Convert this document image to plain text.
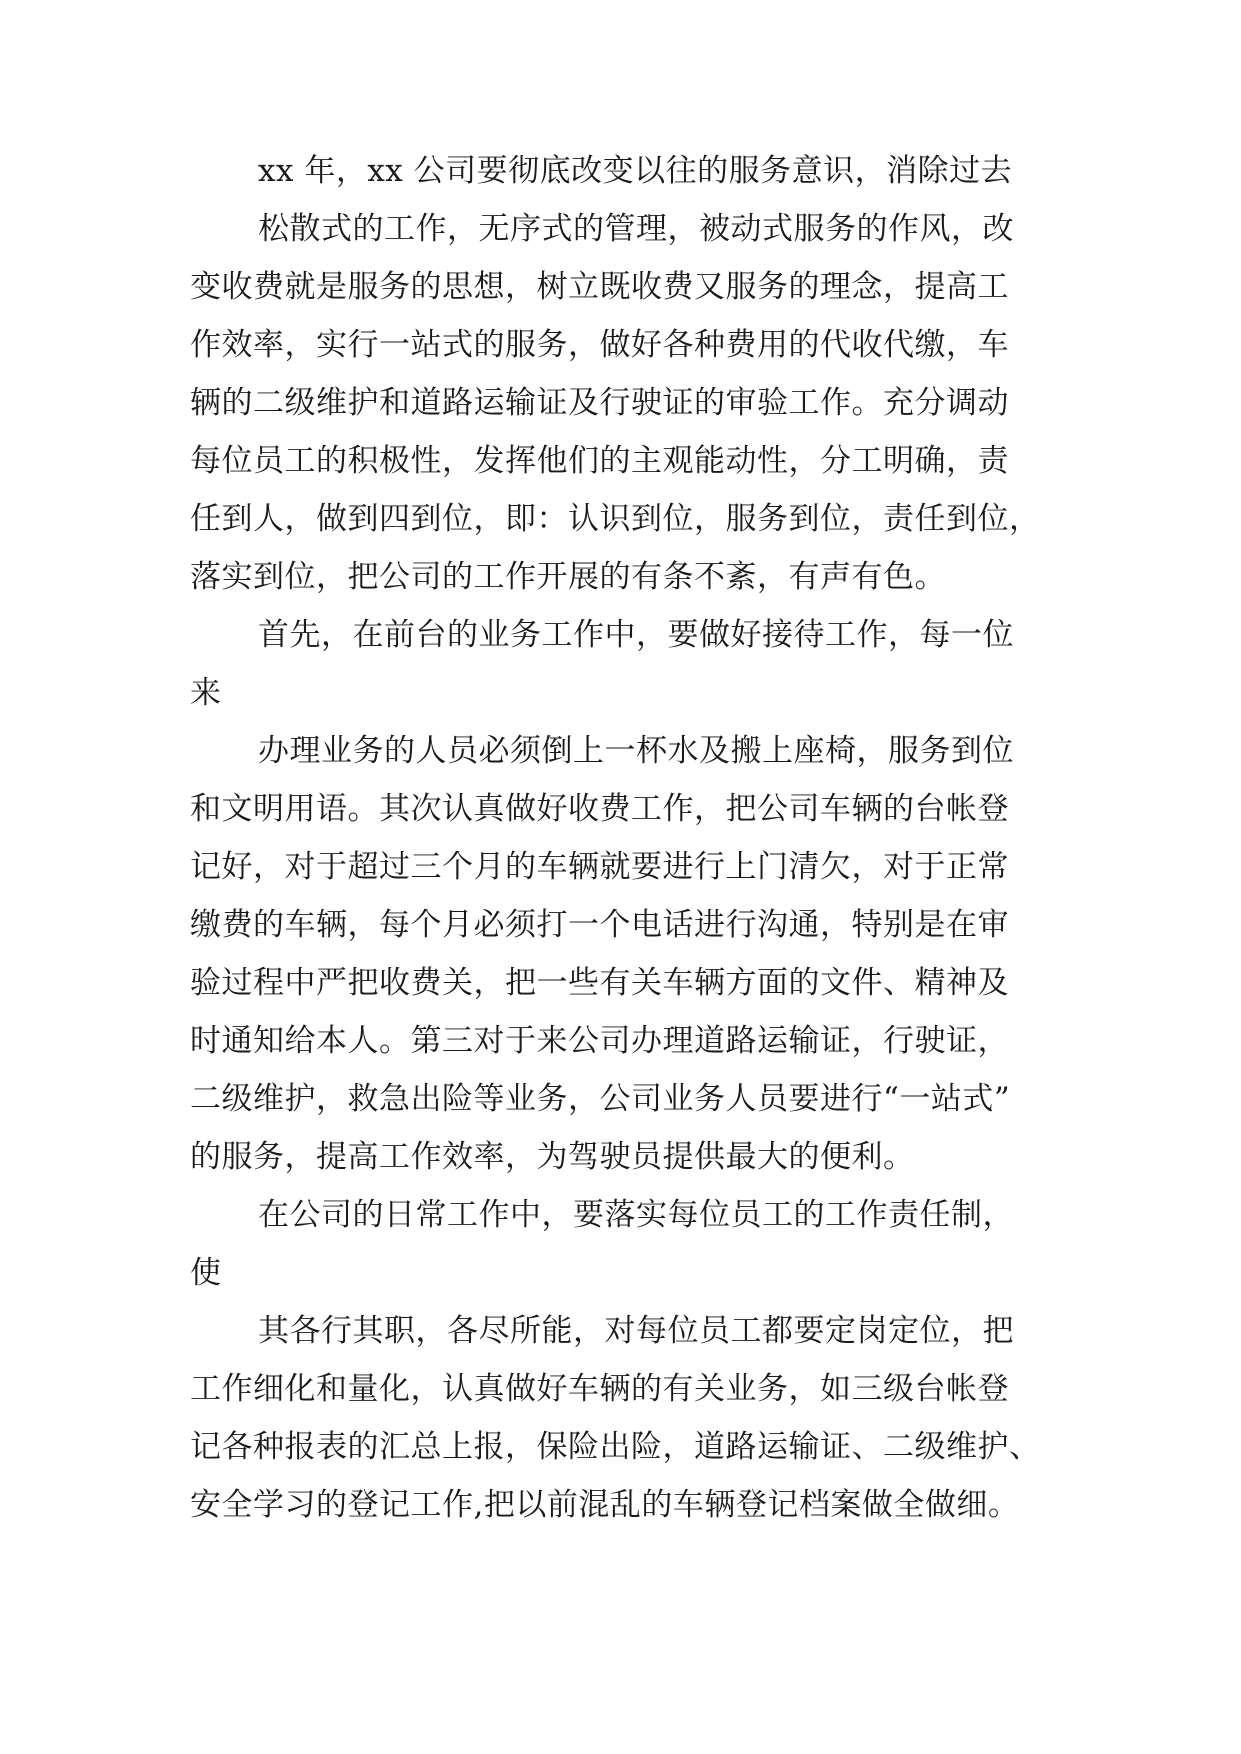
xx 年，xx 公司要彻底改变以往的服务意识，消除过去
松散式的工作，无序式的管理，被动式服务的作风，改
变收费就是服务的思想，树立既收费又服务的理念，提高工
作效率，实行一站式的服务，做好各种费用的代收代缴，车
辆的二级维护和道路运输证及行驶证的审验工作。充分调动
每位员工的积极性，发挥他们的主观能动性，分工明确，责
任到人，做到四到位，即：认识到位，服务到位，责任到位，
落实到位，把公司的工作开展的有条不紊，有声有色。
首先，在前台的业务工作中，要做好接待工作，每一位
来
办理业务的人员必须倒上一杯水及搬上座椅，服务到位
和文明用语。其次认真做好收费工作，把公司车辆的台帐登
记好，对于超过三个月的车辆就要进行上门清欠，对于正常
缴费的车辆，每个月必须打一个电话进行沟通，特别是在审
验过程中严把收费关，把一些有关车辆方面的文件、精神及
时通知给本人。第三对于来公司办理道路运输证，行驶证，
二级维护，救急出险等业务，公司业务人员要进行“一站式”
的服务，提高工作效率，为驾驶员提供最大的便利。
在公司的日常工作中，要落实每位员工的工作责任制，
使
其各行其职，各尽所能，对每位员工都要定岗定位，把
工作细化和量化，认真做好车辆的有关业务，如三级台帐登
记各种报表的汇总上报，保险出险，道路运输证、二级维护、
安全学习的登记工作,把以前混乱的车辆登记档案做全做细。
